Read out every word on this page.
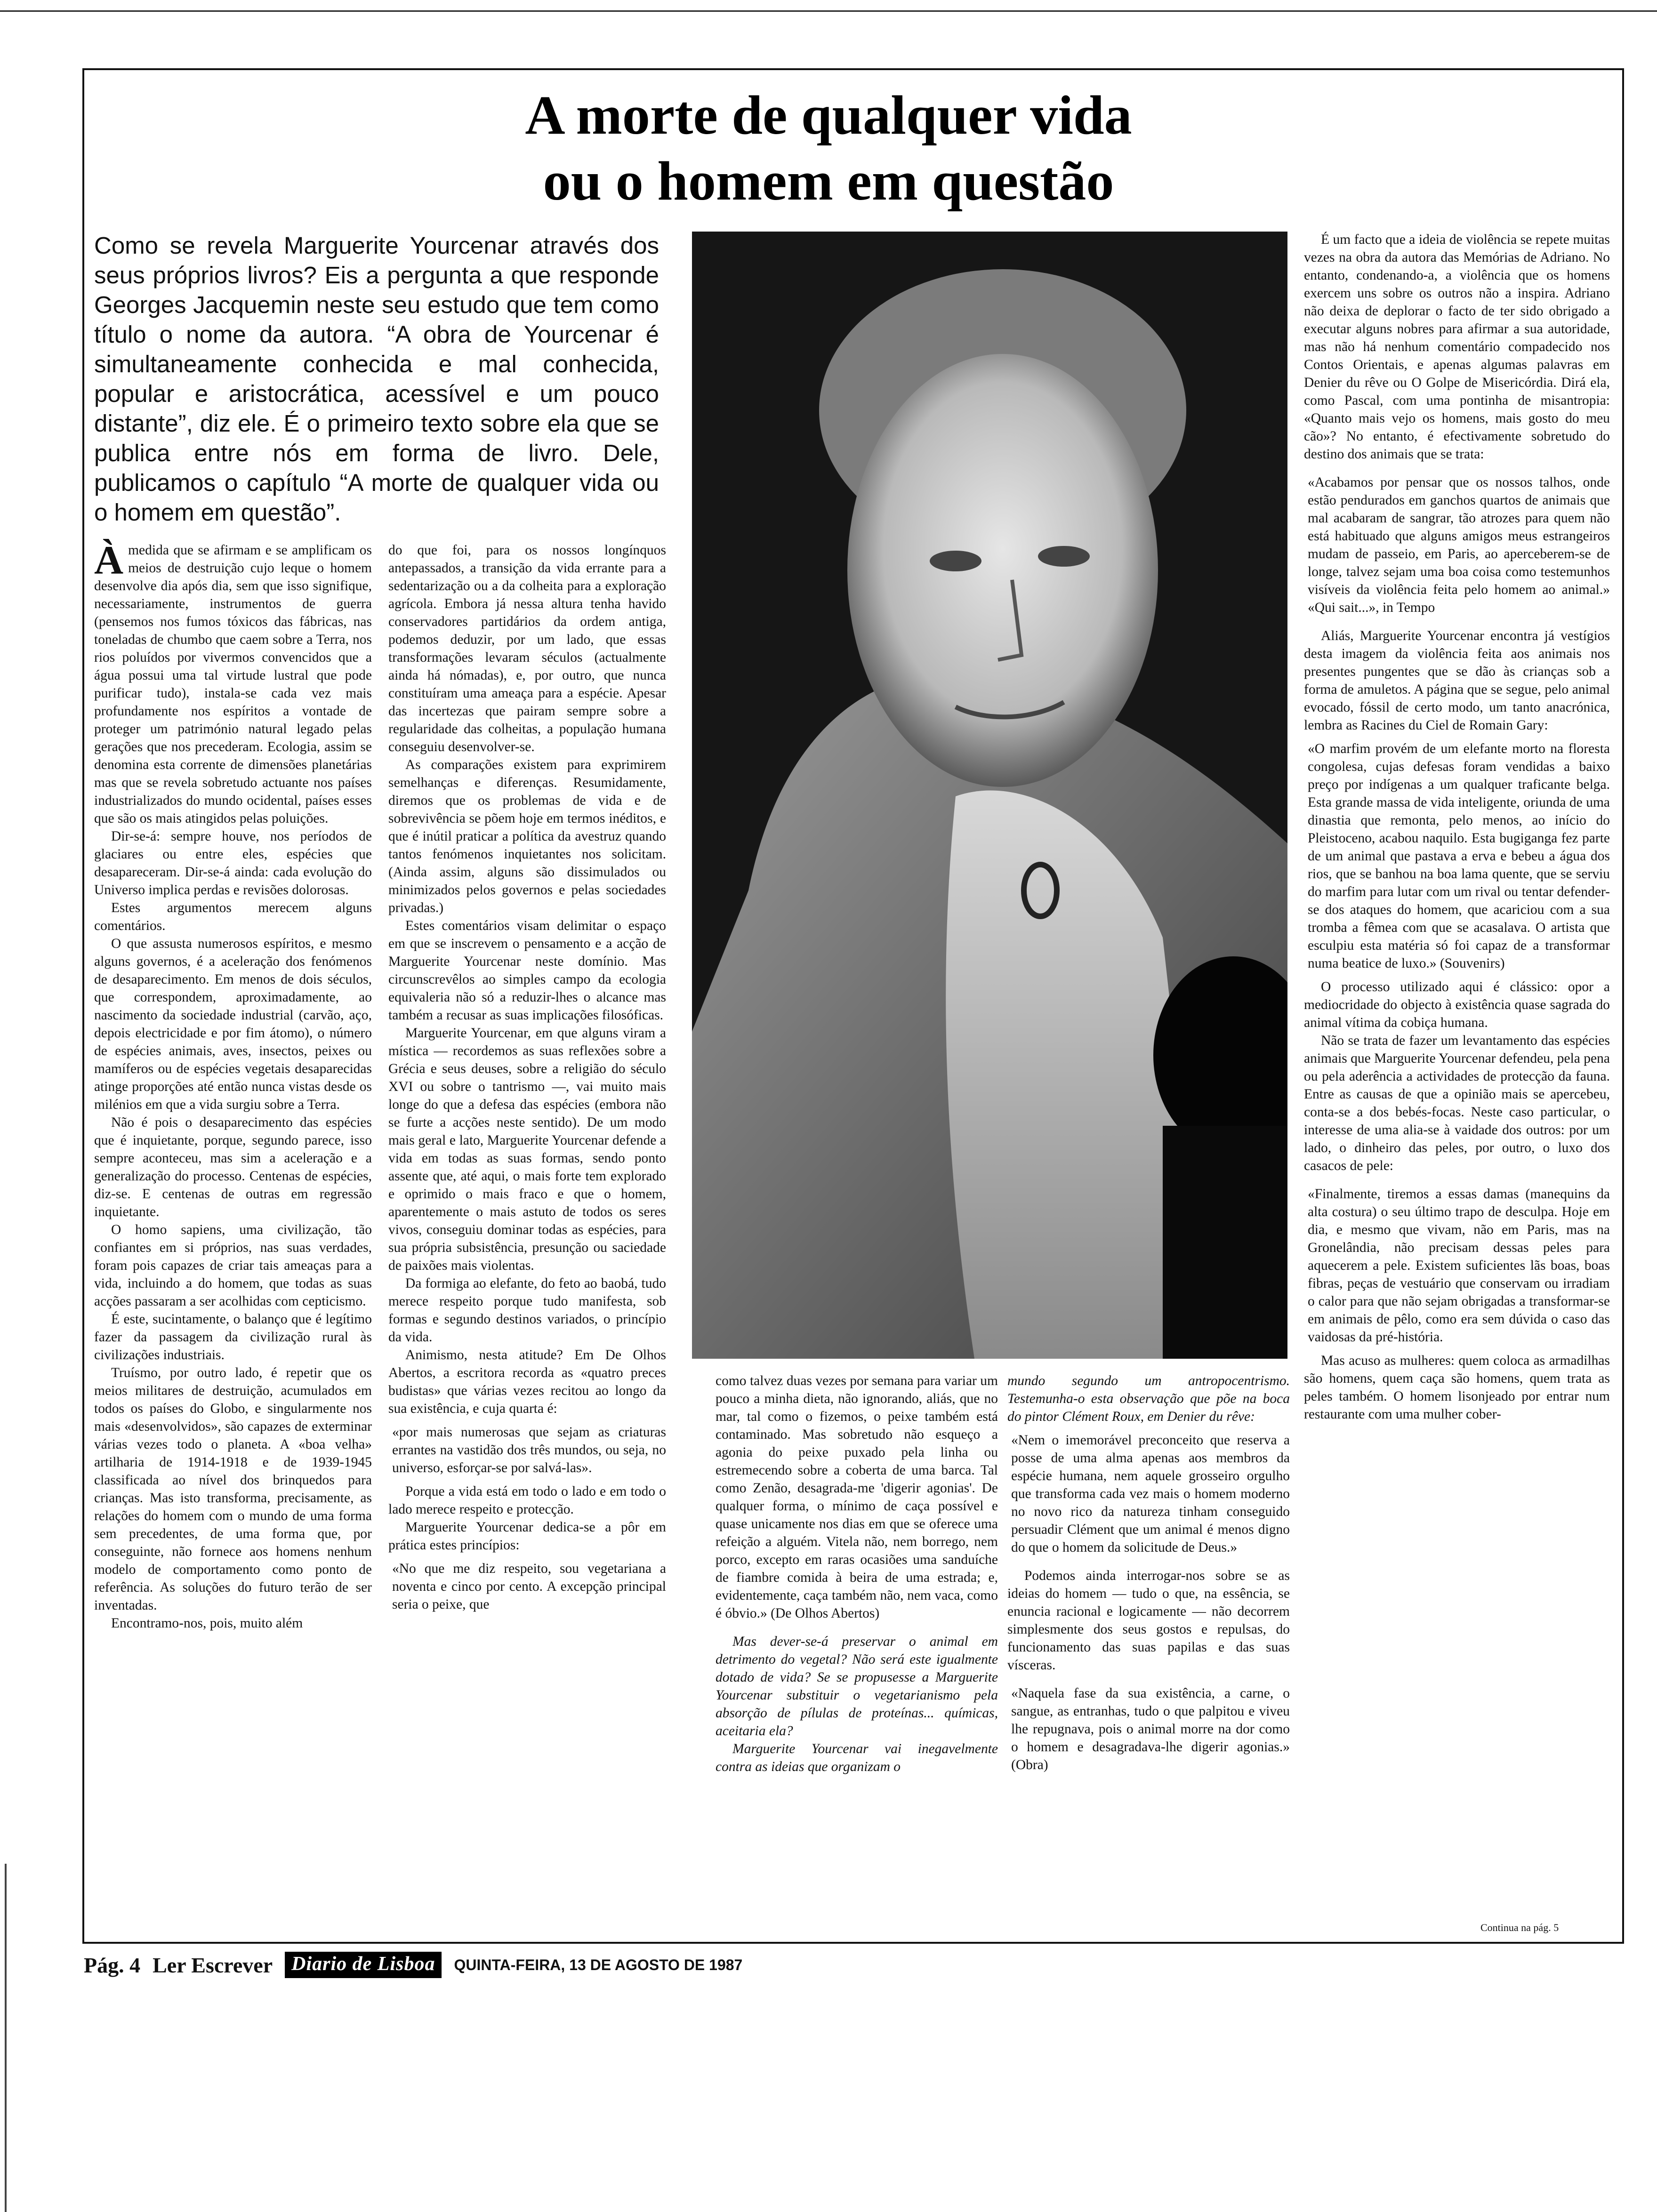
A morte de qualquer vida
ou o homem em questão
Como se revela Marguerite Yourcenar através dos seus próprios livros? Eis a pergunta a que responde Georges Jacquemin neste seu estudo que tem como título o nome da autora. “A obra de Yourcenar é simultaneamente conhecida e mal conhecida, popular e aristocrática, acessível e um pouco distante”, diz ele. É o primeiro texto sobre ela que se publica entre nós em forma de livro. Dele, publicamos o capítulo “A morte de qualquer vida ou o homem em questão”.

Àmedida que se afirmam e se amplificam os meios de destruição cujo leque o homem desenvolve dia após dia, sem que isso signifique, necessariamente, instrumentos de guerra (pensemos nos fumos tóxicos das fábricas, nas toneladas de chumbo que caem sobre a Terra, nos rios poluídos por vivermos convencidos que a água possui uma tal virtude lustral que pode purificar tudo), instala-se cada vez mais profundamente nos espíritos a vontade de proteger um património natural legado pelas gerações que nos precederam. Ecologia, assim se denomina esta corrente de dimensões planetárias mas que se revela sobretudo actuante nos países industrializados do mundo ocidental, países esses que são os mais atingidos pelas poluições.

Dir-se-á: sempre houve, nos períodos de glaciares ou entre eles, espécies que desapareceram. Dir-se-á ainda: cada evolução do Universo implica perdas e revisões dolorosas.

Estes argumentos merecem alguns comentários.

O que assusta numerosos espíritos, e mesmo alguns governos, é a aceleração dos fenómenos de desaparecimento. Em menos de dois séculos, que correspondem, aproximadamente, ao nascimento da sociedade industrial (carvão, aço, depois electricidade e por fim átomo), o número de espécies animais, aves, insectos, peixes ou mamíferos ou de espécies vegetais desaparecidas atinge proporções até então nunca vistas desde os milénios em que a vida surgiu sobre a Terra.

Não é pois o desaparecimento das espécies que é inquietante, porque, segundo parece, isso sempre aconteceu, mas sim a aceleração e a generalização do processo. Centenas de espécies, diz-se. E centenas de outras em regressão inquietante.

O homo sapiens, uma civilização, tão confiantes em si próprios, nas suas verdades, foram pois capazes de criar tais ameaças para a vida, incluindo a do homem, que todas as suas acções passaram a ser acolhidas com cepticismo.

É este, sucintamente, o balanço que é legítimo fazer da passagem da civilização rural às civilizações industriais.

Truísmo, por outro lado, é repetir que os meios militares de destruição, acumulados em todos os países do Globo, e singularmente nos mais «desenvolvidos», são capazes de exterminar várias vezes todo o planeta. A «boa velha» artilharia de 1914-1918 e de 1939-1945 classificada ao nível dos brinquedos para crianças. Mas isto transforma, precisamente, as relações do homem com o mundo de uma forma sem precedentes, de uma forma que, por conseguinte, não fornece aos homens nenhum modelo de comportamento como ponto de referência. As soluções do futuro terão de ser inventadas.

Encontramo-nos, pois, muito além

do que foi, para os nossos longínquos antepassados, a transição da vida errante para a sedentarização ou a da colheita para a exploração agrícola. Embora já nessa altura tenha havido conservadores partidários da ordem antiga, podemos deduzir, por um lado, que essas transformações levaram séculos (actualmente ainda há nómadas), e, por outro, que nunca constituíram uma ameaça para a espécie. Apesar das incertezas que pairam sempre sobre a regularidade das colheitas, a população humana conseguiu desenvolver-se.

As comparações existem para exprimirem semelhanças e diferenças. Resumidamente, diremos que os problemas de vida e de sobrevivência se põem hoje em termos inéditos, e que é inútil praticar a política da avestruz quando tantos fenómenos inquietantes nos solicitam. (Ainda assim, alguns são dissimulados ou minimizados pelos governos e pelas sociedades privadas.)

Estes comentários visam delimitar o espaço em que se inscrevem o pensamento e a acção de Marguerite Yourcenar neste domínio. Mas circunscrevêlos ao simples campo da ecologia equivaleria não só a reduzir-lhes o alcance mas também a recusar as suas implicações filosóficas.

Marguerite Yourcenar, em que alguns viram a mística — recordemos as suas reflexões sobre a Grécia e seus deuses, sobre a religião do século XVI ou sobre o tantrismo —, vai muito mais longe do que a defesa das espécies (embora não se furte a acções neste sentido). De um modo mais geral e lato, Marguerite Yourcenar defende a vida em todas as suas formas, sendo ponto assente que, até aqui, o mais forte tem explorado e oprimido o mais fraco e que o homem, aparentemente o mais astuto de todos os seres vivos, conseguiu dominar todas as espécies, para sua própria subsistência, presunção ou saciedade de paixões mais violentas.

Da formiga ao elefante, do feto ao baobá, tudo merece respeito porque tudo manifesta, sob formas e segundo destinos variados, o princípio da vida.

Animismo, nesta atitude? Em De Olhos Abertos, a escritora recorda as «quatro preces budistas» que várias vezes recitou ao longo da sua existência, e cuja quarta é:

«por mais numerosas que sejam as criaturas errantes na vastidão dos três mundos, ou seja, no universo, esforçar-se por salvá-las».

Porque a vida está em todo o lado e em todo o lado merece respeito e protecção.

Marguerite Yourcenar dedica-se a pôr em prática estes princípios:

«No que me diz respeito, sou vegetariana a noventa e cinco por cento. A excepção principal seria o peixe, que

como talvez duas vezes por semana para variar um pouco a minha dieta, não ignorando, aliás, que no mar, tal como o fizemos, o peixe também está contaminado. Mas sobretudo não esqueço a agonia do peixe puxado pela linha ou estremecendo sobre a coberta de uma barca. Tal como Zenão, desagrada-me 'digerir agonias'. De qualquer forma, o mínimo de caça possível e quase unicamente nos dias em que se oferece uma refeição a alguém. Vitela não, nem borrego, nem porco, excepto em raras ocasiões uma sanduíche de fiambre comida à beira de uma estrada; e, evidentemente, caça também não, nem vaca, como é óbvio.» (De Olhos Abertos)

Mas dever-se-á preservar o animal em detrimento do vegetal? Não será este igualmente dotado de vida? Se se propusesse a Marguerite Yourcenar substituir o vegetarianismo pela absorção de pílulas de proteínas... químicas, aceitaria ela?

Marguerite Yourcenar vai inegavelmente contra as ideias que organizam o

mundo segundo um antropocentrismo. Testemunha-o esta observação que põe na boca do pintor Clément Roux, em Denier du rêve:

«Nem o imemorável preconceito que reserva a posse de uma alma apenas aos membros da espécie humana, nem aquele grosseiro orgulho que transforma cada vez mais o homem moderno no novo rico da natureza tinham conseguido persuadir Clément que um animal é menos digno do que o homem da solicitude de Deus.»

Podemos ainda interrogar-nos sobre se as ideias do homem — tudo o que, na essência, se enuncia racional e logicamente — não decorrem simplesmente dos seus gostos e repulsas, do funcionamento das suas papilas e das suas vísceras.

«Naquela fase da sua existência, a carne, o sangue, as entranhas, tudo o que palpitou e viveu lhe repugnava, pois o animal morre na dor como o homem e desagradava-lhe digerir agonias.» (Obra)

É um facto que a ideia de violência se repete muitas vezes na obra da autora das Memórias de Adriano. No entanto, condenando-a, a violência que os homens exercem uns sobre os outros não a inspira. Adriano não deixa de deplorar o facto de ter sido obrigado a executar alguns nobres para afirmar a sua autoridade, mas não há nenhum comentário compadecido nos Contos Orientais, e apenas algumas palavras em Denier du rêve ou O Golpe de Misericórdia. Dirá ela, como Pascal, com uma pontinha de misantropia: «Quanto mais vejo os homens, mais gosto do meu cão»? No entanto, é efectivamente sobretudo do destino dos animais que se trata:

«Acabamos por pensar que os nossos talhos, onde estão pendurados em ganchos quartos de animais que mal acabaram de sangrar, tão atrozes para quem não está habituado que alguns amigos meus estrangeiros mudam de passeio, em Paris, ao aperceberem-se de longe, talvez sejam uma boa coisa como testemunhos visíveis da violência feita pelo homem ao animal.» «Qui sait...», in Tempo

Aliás, Marguerite Yourcenar encontra já vestígios desta imagem da violência feita aos animais nos presentes pungentes que se dão às crianças sob a forma de amuletos. A página que se segue, pelo animal evocado, fóssil de certo modo, um tanto anacrónica, lembra as Racines du Ciel de Romain Gary:

«O marfim provém de um elefante morto na floresta congolesa, cujas defesas foram vendidas a baixo preço por indígenas a um qualquer traficante belga. Esta grande massa de vida inteligente, oriunda de uma dinastia que remonta, pelo menos, ao início do Pleistoceno, acabou naquilo. Esta bugiganga fez parte de um animal que pastava a erva e bebeu a água dos rios, que se banhou na boa lama quente, que se serviu do marfim para lutar com um rival ou tentar defender-se dos ataques do homem, que acariciou com a sua tromba a fêmea com que se acasalava. O artista que esculpiu esta matéria só foi capaz de a transformar numa beatice de luxo.» (Souvenirs)

O processo utilizado aqui é clássico: opor a mediocridade do objecto à existência quase sagrada do animal vítima da cobiça humana.

Não se trata de fazer um levantamento das espécies animais que Marguerite Yourcenar defendeu, pela pena ou pela aderência a actividades de protecção da fauna. Entre as causas de que a opinião mais se apercebeu, conta-se a dos bebés-focas. Neste caso particular, o interesse de uma alia-se à vaidade dos outros: por um lado, o dinheiro das peles, por outro, o luxo dos casacos de pele:

«Finalmente, tiremos a essas damas (manequins da alta costura) o seu último trapo de desculpa. Hoje em dia, e mesmo que vivam, não em Paris, mas na Gronelândia, não precisam dessas peles para aquecerem a pele. Existem suficientes lãs boas, boas fibras, peças de vestuário que conservam ou irradiam o calor para que não sejam obrigadas a transformar-se em animais de pêlo, como era sem dúvida o caso das vaidosas da pré-história.

Mas acuso as mulheres: quem coloca as armadilhas são homens, quem caça são homens, quem trata as peles também. O homem lisonjeado por entrar num restaurante com uma mulher cober-

Continua na pág. 5
Pág. 4 Ler Escrever Diario de Lisboa	QUINTA-FEIRA, 13 DE AGOSTO DE 1987
